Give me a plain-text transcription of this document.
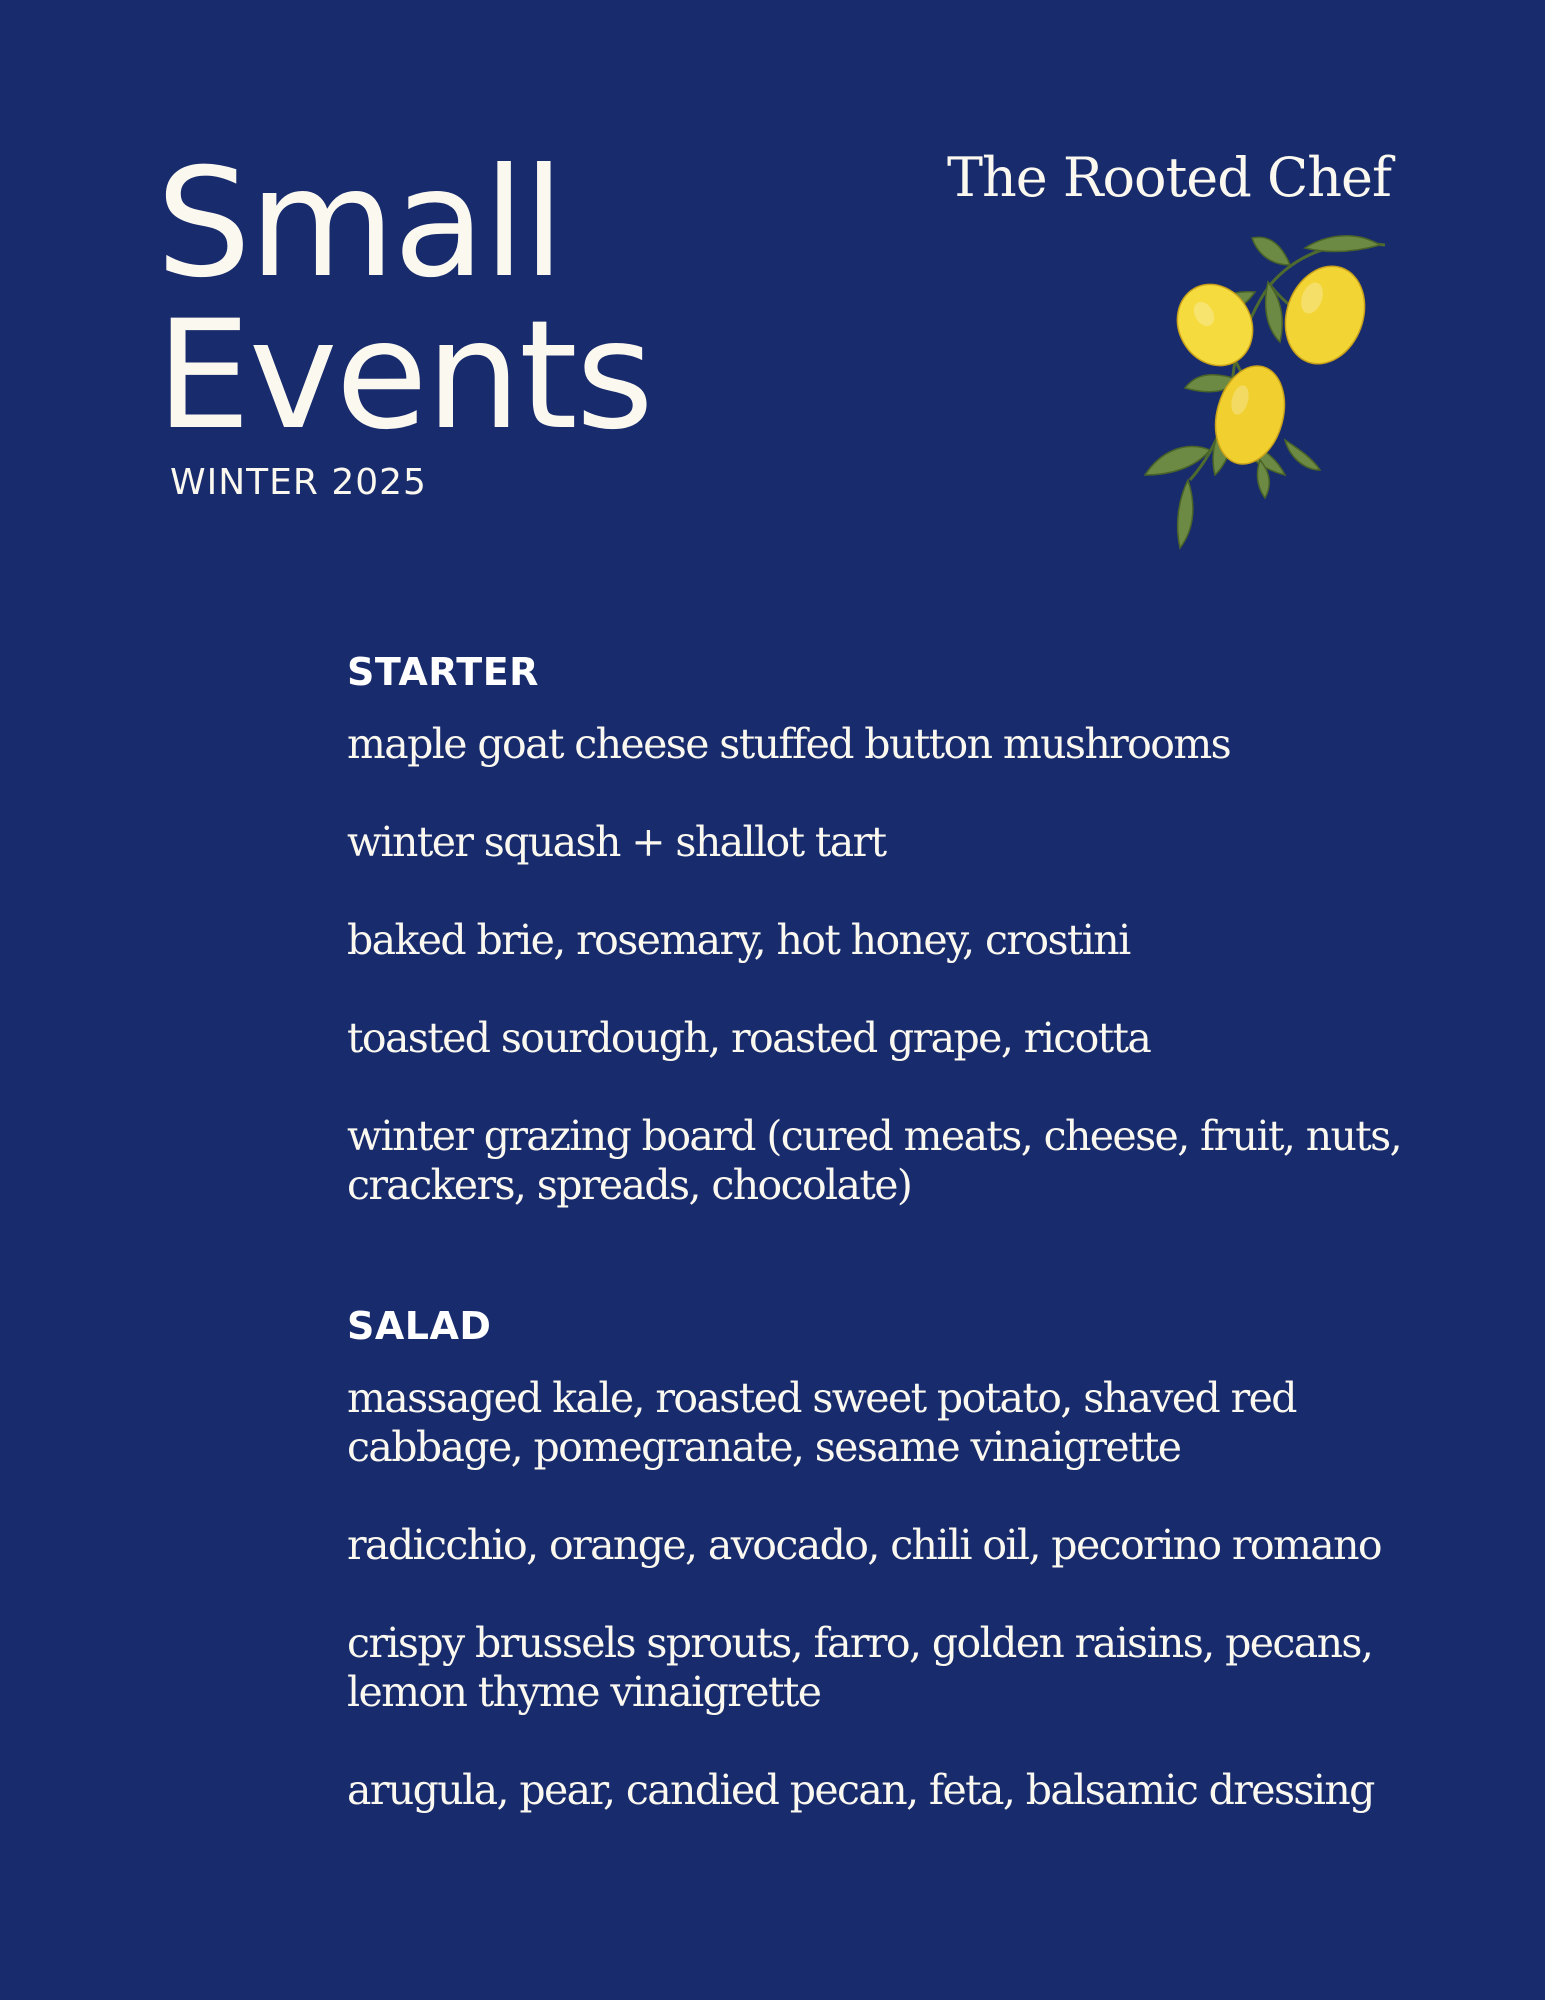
Small
Events
WINTER 2025
The Rooted Chef
STARTER

maple goat cheese stuffed button mushrooms

winter squash + shallot tart

baked brie, rosemary, hot honey, crostini

toasted sourdough, roasted grape, ricotta

winter grazing board (cured meats, cheese, fruit, nuts, crackers, spreads, chocolate)

SALAD

massaged kale, roasted sweet potato, shaved red cabbage, pomegranate, sesame vinaigrette

radicchio, orange, avocado, chili oil, pecorino romano

crispy brussels sprouts, farro, golden raisins, pecans, lemon thyme vinaigrette

arugula, pear, candied pecan, feta, balsamic dressing
